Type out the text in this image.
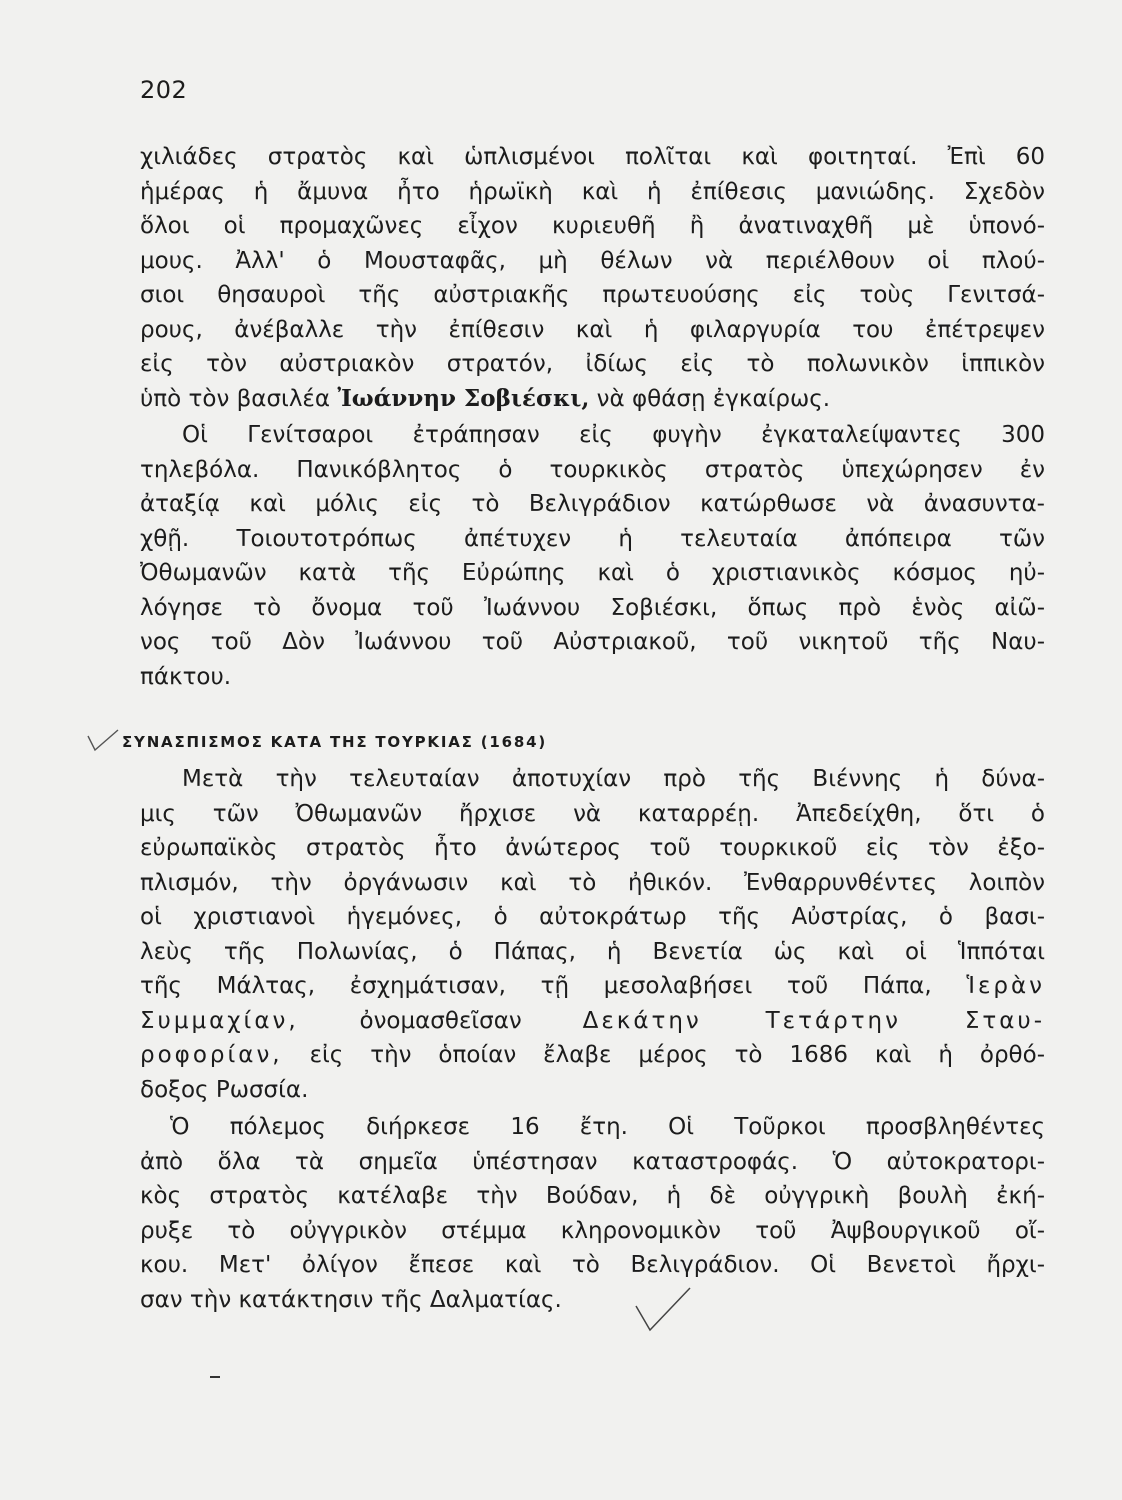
202
χιλιάδες στρατὸς καὶ ὡπλισμένοι πολῖται καὶ φοιτηταί. Ἐπὶ 60
ἡμέρας ἡ ἄμυνα ἦτο ἡρωϊκὴ καὶ ἡ ἐπίθεσις μανιώδης. Σχεδὸν
ὅλοι οἱ προμαχῶνες εἶχον κυριευθῆ ἢ ἀνατιναχθῆ μὲ ὑπονό-
μους. Ἀλλ' ὁ Μουσταφᾶς, μὴ θέλων νὰ περιέλθουν οἱ πλού-
σιοι θησαυροὶ τῆς αὐστριακῆς πρωτευούσης εἰς τοὺς Γενιτσά-
ρους, ἀνέβαλλε τὴν ἐπίθεσιν καὶ ἡ φιλαργυρία του ἐπέτρεψεν
εἰς τὸν αὐστριακὸν στρατόν, ἰδίως εἰς τὸ πολωνικὸν ἱππικὸν
ὑπὸ τὸν βασιλέα Ἰωάννην Σοβιέσκι, νὰ φθάσῃ ἐγκαίρως.
Οἱ Γενίτσαροι ἐτράπησαν εἰς φυγὴν ἐγκαταλείψαντες 300
τηλεβόλα. Πανικόβλητος ὁ τουρκικὸς στρατὸς ὑπεχώρησεν ἐν
ἀταξίᾳ καὶ μόλις εἰς τὸ Βελιγράδιον κατώρθωσε νὰ ἀνασυντα-
χθῇ. Τοιουτοτρόπως ἀπέτυχεν ἡ τελευταία ἀπόπειρα τῶν
Ὀθωμανῶν κατὰ τῆς Εὐρώπης καὶ ὁ χριστιανικὸς κόσμος ηὐ-
λόγησε τὸ ὄνομα τοῦ Ἰωάννου Σοβιέσκι, ὅπως πρὸ ἑνὸς αἰῶ-
νος τοῦ Δὸν Ἰωάννου τοῦ Αὐστριακοῦ, τοῦ νικητοῦ τῆς Ναυ-
πάκτου.
ΣΥΝΑΣΠΙΣΜΟΣ ΚΑΤΑ ΤΗΣ ΤΟΥΡΚΙΑΣ (1684)
Μετὰ τὴν τελευταίαν ἀποτυχίαν πρὸ τῆς Βιέννης ἡ δύνα-
μις τῶν Ὀθωμανῶν ἤρχισε νὰ καταρρέῃ. Ἀπεδείχθη, ὅτι ὁ
εὐρωπαϊκὸς στρατὸς ἦτο ἀνώτερος τοῦ τουρκικοῦ εἰς τὸν ἐξο-
πλισμόν, τὴν ὀργάνωσιν καὶ τὸ ἠθικόν. Ἐνθαρρυνθέντες λοιπὸν
οἱ χριστιανοὶ ἡγεμόνες, ὁ αὐτοκράτωρ τῆς Αὐστρίας, ὁ βασι-
λεὺς τῆς Πολωνίας, ὁ Πάπας, ἡ Βενετία ὡς καὶ οἱ Ἱππόται
τῆς Μάλτας, ἐσχημάτισαν, τῇ μεσολαβήσει τοῦ Πάπα, Ἱερὰν
Συμμαχίαν, ὀνομασθεῖσαν Δεκάτην Τετάρτην Σταυ-
ροφορίαν, εἰς τὴν ὁποίαν ἔλαβε μέρος τὸ 1686 καὶ ἡ ὀρθό-
δοξος Ρωσσία.
Ὁ πόλεμος διήρκεσε 16 ἔτη. Οἱ Τοῦρκοι προσβληθέντες
ἀπὸ ὅλα τὰ σημεῖα ὑπέστησαν καταστροφάς. Ὁ αὐτοκρατορι-
κὸς στρατὸς κατέλαβε τὴν Βούδαν, ἡ δὲ οὐγγρικὴ βουλὴ ἐκή-
ρυξε τὸ οὐγγρικὸν στέμμα κληρονομικὸν τοῦ Ἀψβουργικοῦ οἴ-
κου. Μετ' ὀλίγον ἔπεσε καὶ τὸ Βελιγράδιον. Οἱ Βενετοὶ ἤρχι-
σαν τὴν κατάκτησιν τῆς Δαλματίας.
